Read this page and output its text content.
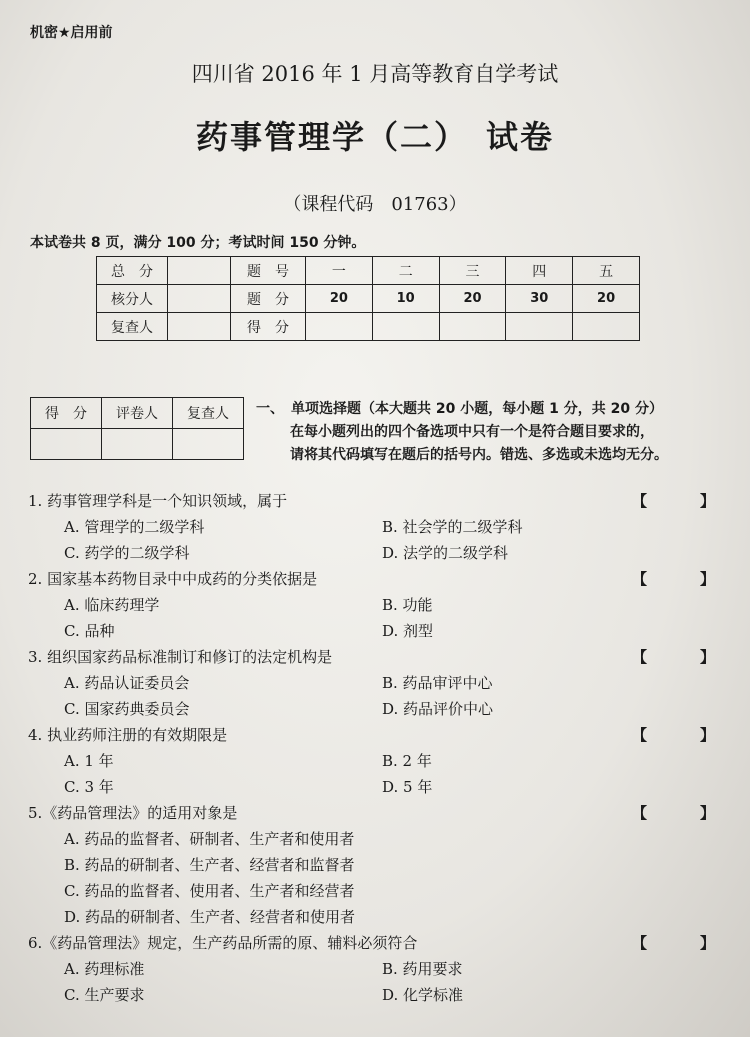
机密★启用前
四川省 2016 年 1 月高等教育自学考试
药事管理学（二）　试卷
（课程代码　01763）
本试卷共 8 页，满分 100 分；考试时间 150 分钟。
总　分		题　号	一	二	三	四	五
核分人		题　分	20	10	20	30	20
复查人		得　分					
得　分	评卷人	复查人
		一、　单项选择题（本大题共 20 小题，每小题 1 分，共 20 分）
在每小题列出的四个备选项中只有一个是符合题目要求的，
请将其代码填写在题后的括号内。错选、多选或未选均无分。
1. 药事管理学科是一个知识领域，属于	【	】
A. 管理学的二级学科	B. 社会学的二级学科
C. 药学的二级学科	D. 法学的二级学科
2. 国家基本药物目录中中成药的分类依据是	【	】
A. 临床药理学	B. 功能
C. 品种	D. 剂型
3. 组织国家药品标准制订和修订的法定机构是	【	】
A. 药品认证委员会	B. 药品审评中心
C. 国家药典委员会	D. 药品评价中心
4. 执业药师注册的有效期限是	【	】
A. 1 年	B. 2 年
C. 3 年	D. 5 年
5.《药品管理法》的适用对象是	【	】
A. 药品的监督者、研制者、生产者和使用者
B. 药品的研制者、生产者、经营者和监督者
C. 药品的监督者、使用者、生产者和经营者
D. 药品的研制者、生产者、经营者和使用者
6.《药品管理法》规定，生产药品所需的原、辅料必须符合	【	】
A. 药理标准	B. 药用要求
C. 生产要求	D. 化学标准
